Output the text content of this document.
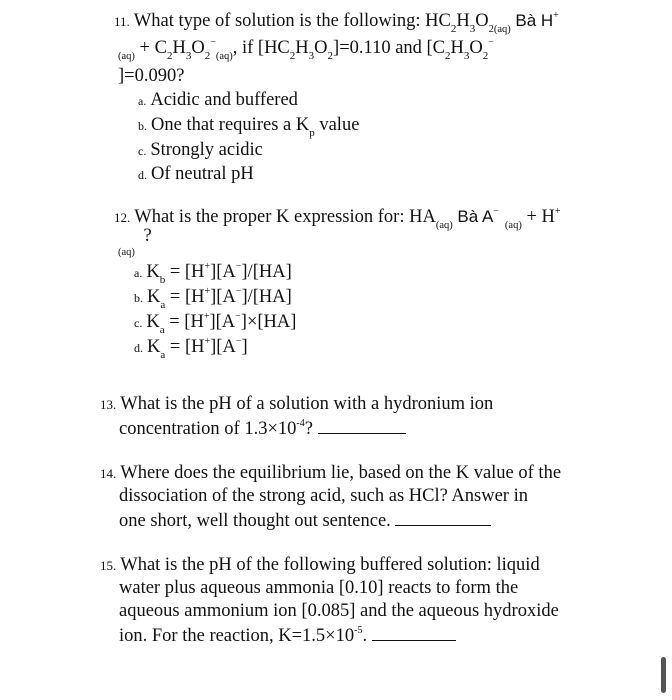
11. What type of solution is the following: $HC_2H_3O_{2(aq)}$ Bà H+
$_{(aq)} + C_2H_3O_2^-_{(aq)}$, if $[HC_2H_3O_2]=0.110$ and [$C_2H_3O_2^-$
]=0.090?
a. Acidic and buffered
b. One that requires a $K_p$ value
c. Strongly acidic
d. Of neutral pH
12. What is the proper K expression for: $HA_{(aq)}$ Bà $A^-_{(aq)} + H^+$
$_{(aq)}$ ?
a. $K_b = [H^+][A^-]/[HA]$
b. $K_a = [H^+][A^-]/[HA]$
c. $K_a = [H^+][A^-]\times[HA]$
d. $K_a = [H^+][A^-]$
13. What is the pH of a solution with a hydronium ion
concentration of $1.3\times 10^{-4}$?
14. Where does the equilibrium lie, based on the K value of the
dissociation of the strong acid, such as HCl? Answer in
one short, well thought out sentence.
15. What is the pH of the following buffered solution: liquid
water plus aqueous ammonia [0.10] reacts to form the
aqueous ammonium ion [0.085] and the aqueous hydroxide
ion. For the reaction, $K=1.5\times 10^{-5}$.
